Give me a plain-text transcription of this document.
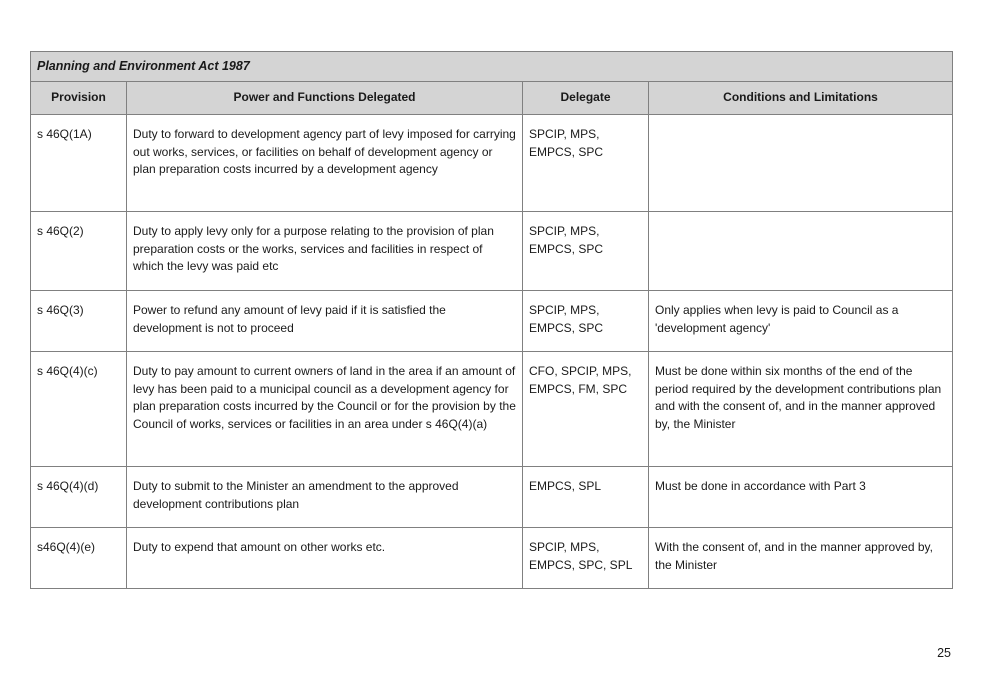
Planning and Environment Act 1987			
Provision	Power and Functions Delegated	Delegate	Conditions and Limitations
s 46Q(1A)	Duty to forward to development agency part of levy imposed for carrying out works, services, or facilities on behalf of development agency or plan preparation costs incurred by a development agency	SPCIP, MPS, EMPCS, SPC	
s 46Q(2)	Duty to apply levy only for a purpose relating to the provision of plan preparation costs or the works, services and facilities in respect of which the levy was paid etc	SPCIP, MPS, EMPCS, SPC	
s 46Q(3)	Power to refund any amount of levy paid if it is satisfied the development is not to proceed	SPCIP, MPS, EMPCS, SPC	Only applies when levy is paid to Council as a 'development agency'
s 46Q(4)(c)	Duty to pay amount to current owners of land in the area if an amount of levy has been paid to a municipal council as a development agency for plan preparation costs incurred by the Council or for the provision by the Council of works, services or facilities in an area under s 46Q(4)(a)	CFO, SPCIP, MPS, EMPCS, FM, SPC	Must be done within six months of the end of the period required by the development contributions plan and with the consent of, and in the manner approved by, the Minister
s 46Q(4)(d)	Duty to submit to the Minister an amendment to the approved development contributions plan	EMPCS, SPL	Must be done in accordance with Part 3
s46Q(4)(e)	Duty to expend that amount on other works etc.	SPCIP, MPS, EMPCS, SPC, SPL	With the consent of, and in the manner approved by, the Minister
25
